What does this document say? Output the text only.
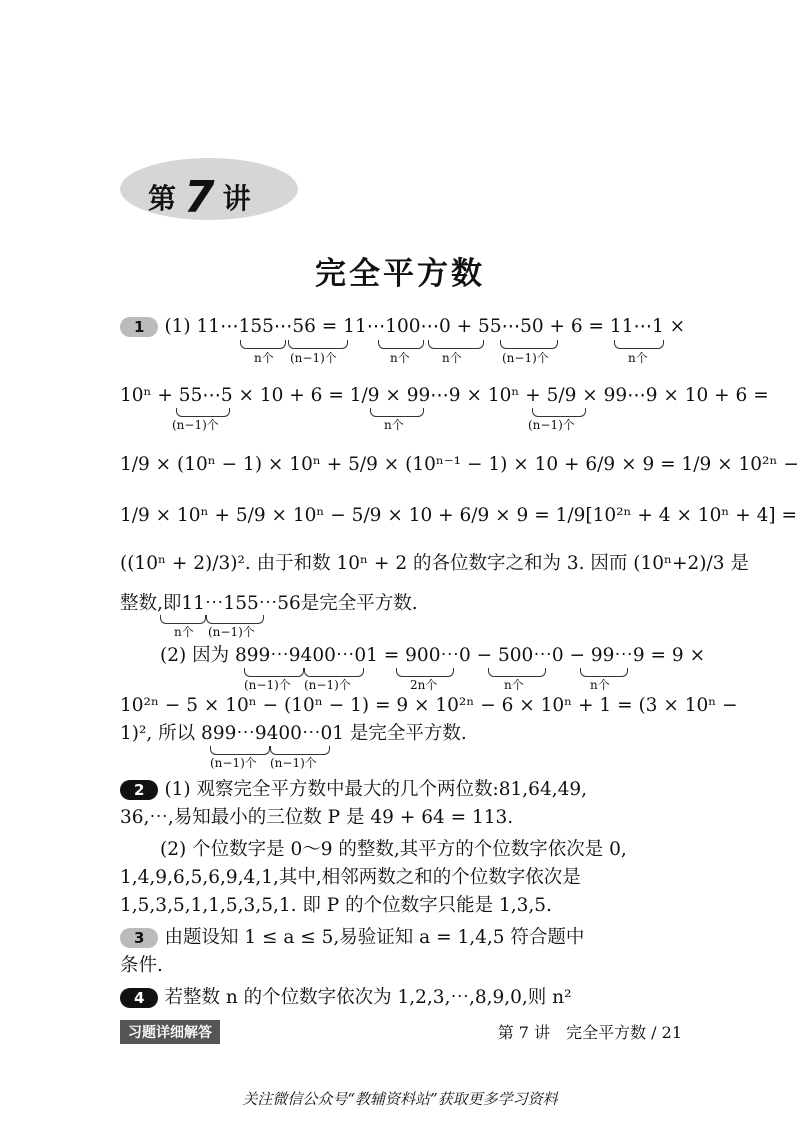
第 7 讲
完全平方数
1 (1) 11⋯155⋯56 = 11⋯100⋯0 + 55⋯50 + 6 = 11⋯1 ×
n个 (n−1)个	n个	n个	(n−1)个	n个
10ⁿ + 55⋯5 × 10 + 6 = 1/9 × 99⋯9 × 10ⁿ + 5/9 × 99⋯9 × 10 + 6 =
(n−1)个	n个	(n−1)个
1/9 × (10ⁿ − 1) × 10ⁿ + 5/9 × (10ⁿ⁻¹ − 1) × 10 + 6/9 × 9 = 1/9 × 10²ⁿ −
1/9 × 10ⁿ + 5/9 × 10ⁿ − 5/9 × 10 + 6/9 × 9 = 1/9[10²ⁿ + 4 × 10ⁿ + 4] =
((10ⁿ + 2)/3)². 由于和数 10ⁿ + 2 的各位数字之和为 3. 因而 (10ⁿ+2)/3 是
整数,即11⋯155⋯56是完全平方数.
n个 (n−1)个
(2) 因为 899⋯9400⋯01 = 900⋯0 − 500⋯0 − 99⋯9 = 9 ×
(n−1)个 (n−1)个	2n个	n个	n个
10²ⁿ − 5 × 10ⁿ − (10ⁿ − 1) = 9 × 10²ⁿ − 6 × 10ⁿ + 1 = (3 × 10ⁿ −
1)², 所以 899⋯9400⋯01 是完全平方数.
(n−1)个 (n−1)个
2 (1) 观察完全平方数中最大的几个两位数:81,64,49,
36,⋯,易知最小的三位数 P 是 49 + 64 = 113.
(2) 个位数字是 0～9 的整数,其平方的个位数字依次是 0,
1,4,9,6,5,6,9,4,1,其中,相邻两数之和的个位数字依次是
1,5,3,5,1,1,5,3,5,1. 即 P 的个位数字只能是 1,3,5.
3 由题设知 1 ≤ a ≤ 5,易验证知 a = 1,4,5 符合题中
条件.
4 若整数 n 的个位数字依次为 1,2,3,⋯,8,9,0,则 n²
习题详细解答	第 7 讲　完全平方数 / 21
关注微信公众号“教辅资料站”获取更多学习资料
